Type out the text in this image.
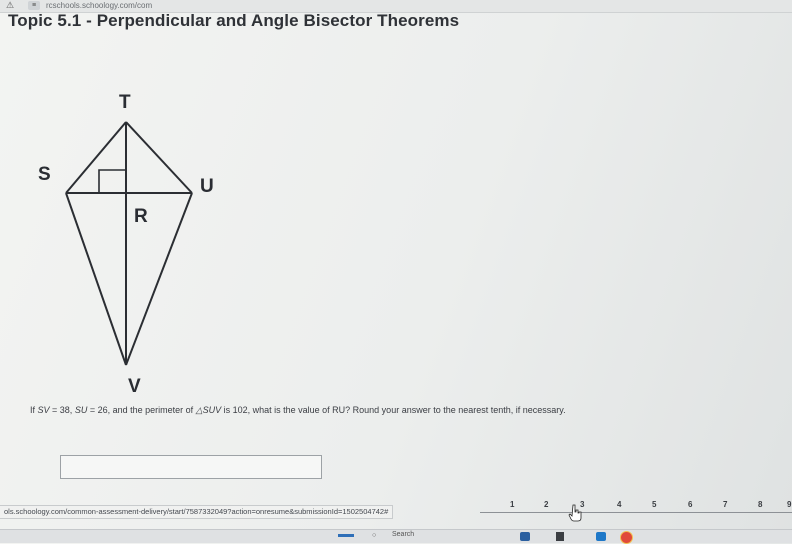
⚠	≡	rcschools.schoology.com/com
Topic 5.1 - Perpendicular and Angle Bisector Theorems
T
S
U
R
V
If SV = 38, SU = 26, and the perimeter of △SUV is 102, what is the value of RU? Round your answer to the nearest tenth, if necessary.
ols.schoology.com/common-assessment-delivery/start/7587332049?action=onresume&submissionId=1502504742#
1	2	3	4	5	6	7	8	9
Search
○
